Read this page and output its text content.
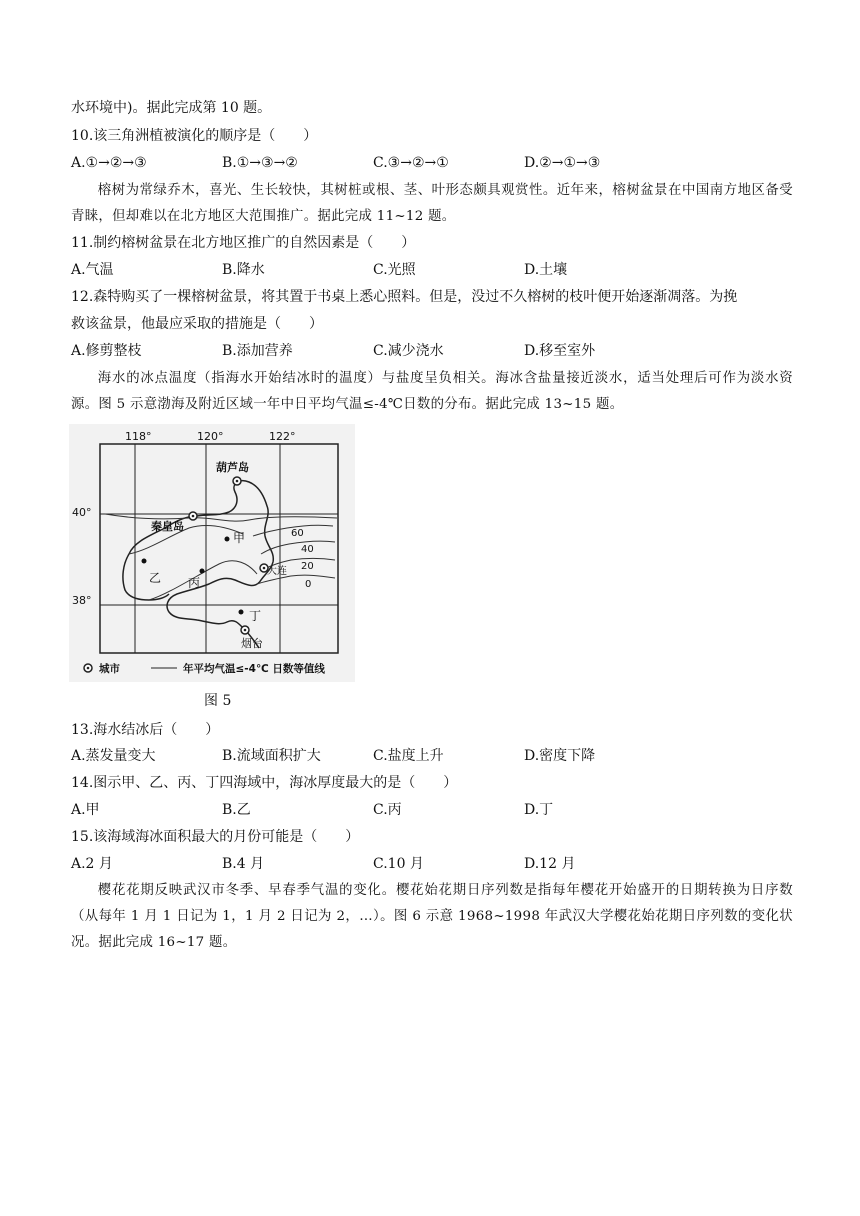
水环境中)。据此完成第 10 题。
10.该三角洲植被演化的顺序是（　　）
A.①→②→③	B.①→③→②	C.③→②→①	D.②→①→③
榕树为常绿乔木，喜光、生长较快，其树桩或根、茎、叶形态颇具观赏性。近年来，榕树盆景在中国南方地区备受青睐，但却难以在北方地区大范围推广。据此完成 11~12 题。
11.制约榕树盆景在北方地区推广的自然因素是（　　）
A.气温	B.降水	C.光照	D.土壤
12.森特购买了一棵榕树盆景，将其置于书桌上悉心照料。但是，没过不久榕树的枝叶便开始逐渐凋落。为挽
救该盆景，他最应采取的措施是（　　）
A.修剪整枝	B.添加营养	C.减少浇水	D.移至室外
海水的冰点温度（指海水开始结冰时的温度）与盐度呈负相关。海冰含盐量接近淡水，适当处理后可作为淡水资源。图 5 示意渤海及附近区域一年中日平均气温≤-4℃日数的分布。据此完成 13~15 题。
118°	120°	122°
40°
38°
60
40
20
0
葫芦岛
秦皇岛
大连
烟台
甲
乙 丙
丁
城市	年平均气温≤-4℃ 日数等值线
图 5
13.海水结冰后（　　）
A.蒸发量变大	B.流域面积扩大	C.盐度上升	D.密度下降
14.图示甲、乙、丙、丁四海域中，海冰厚度最大的是（　　）
A.甲	B.乙	C.丙	D.丁
15.该海域海冰面积最大的月份可能是（　　）
A.2 月	B.4 月	C.10 月	D.12 月
樱花花期反映武汉市冬季、早春季气温的变化。樱花始花期日序列数是指每年樱花开始盛开的日期转换为日序数（从每年 1 月 1 日记为 1，1 月 2 日记为 2，…）。图 6 示意 1968~1998 年武汉大学樱花始花期日序列数的变化状况。据此完成 16~17 题。
